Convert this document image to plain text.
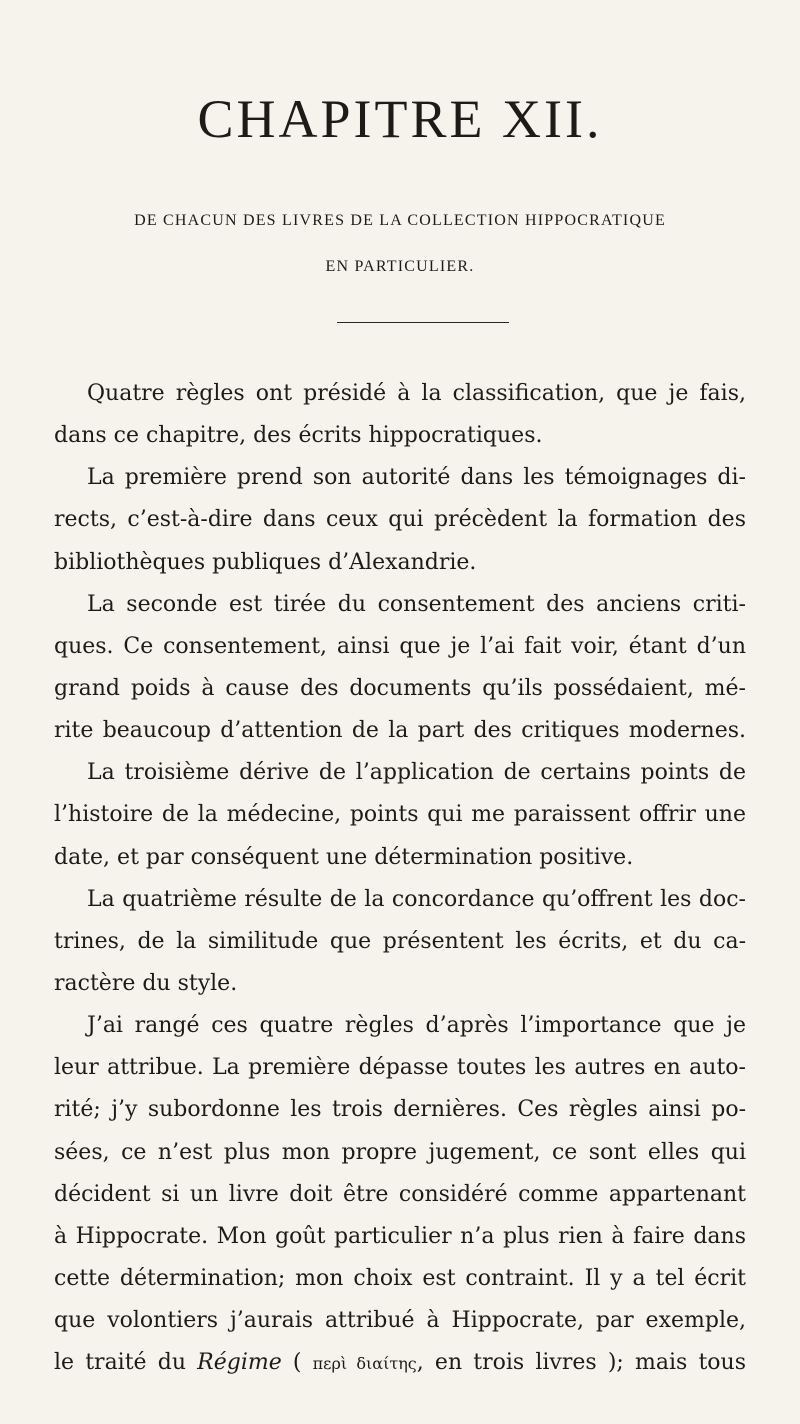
CHAPITRE XII.

DE CHACUN DES LIVRES DE LA COLLECTION HIPPOCRATIQUE

EN PARTICULIER.

Quatre règles ont présidé à la classification, que je fais,
dans ce chapitre, des écrits hippocratiques.
La première prend son autorité dans les témoignages di-
rects, c’est-à-dire dans ceux qui précèdent la formation des
bibliothèques publiques d’Alexandrie.
La seconde est tirée du consentement des anciens criti-
ques. Ce consentement, ainsi que je l’ai fait voir, étant d’un
grand poids à cause des documents qu’ils possédaient, mé-
rite beaucoup d’attention de la part des critiques modernes.
La troisième dérive de l’application de certains points de
l’histoire de la médecine, points qui me paraissent offrir une
date, et par conséquent une détermination positive.
La quatrième résulte de la concordance qu’offrent les doc-
trines, de la similitude que présentent les écrits, et du ca-
ractère du style.
J’ai rangé ces quatre règles d’après l’importance que je
leur attribue. La première dépasse toutes les autres en auto-
rité; j’y subordonne les trois dernières. Ces règles ainsi po-
sées, ce n’est plus mon propre jugement, ce sont elles qui
décident si un livre doit être considéré comme appartenant
à Hippocrate. Mon goût particulier n’a plus rien à faire dans
cette détermination; mon choix est contraint. Il y a tel écrit
que volontiers j’aurais attribué à Hippocrate, par exemple,
le traité du Régime ( περὶ διαίτης, en trois livres ); mais tous
